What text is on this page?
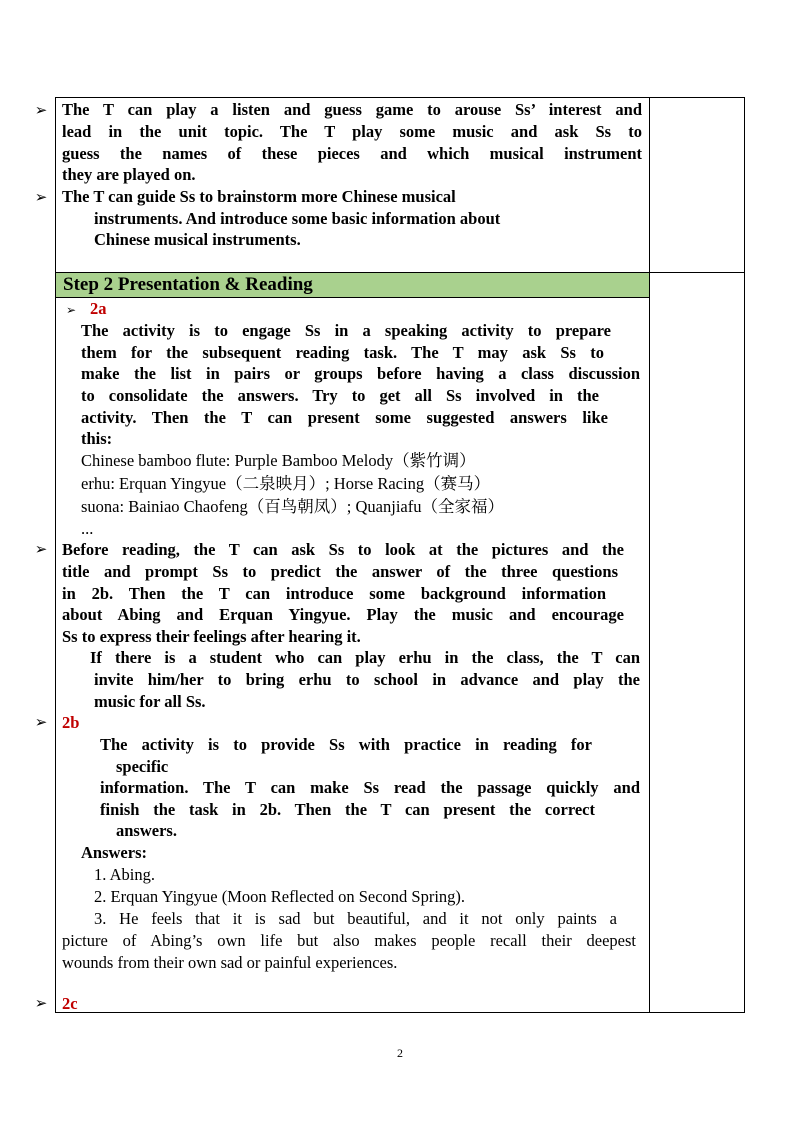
Step 2 Presentation & Reading
➢
➢
➢
➢
➢
The T can play a listen and guess game to arouse Ss’ interest and
lead in the unit topic. The T play some music and ask Ss to
guess the names of these pieces and which musical instrument
they are played on.
The T can guide Ss to brainstorm more Chinese musical
instruments. And introduce some basic information about
Chinese musical instruments.
➢ 2a
The activity is to engage Ss in a speaking activity to prepare
them for the subsequent reading task. The T may ask Ss to
make the list in pairs or groups before having a class discussion
to consolidate the answers. Try to get all Ss involved in the
activity. Then the T can present some suggested answers like
this:
Chinese bamboo flute: Purple Bamboo Melody（紫竹调）
erhu: Erquan Yingyue（二泉映月）; Horse Racing（赛马）
suona: Bainiao Chaofeng（百鸟朝凤）; Quanjiafu（全家福）
...
Before reading, the T can ask Ss to look at the pictures and the
title and prompt Ss to predict the answer of the three questions
in 2b. Then the T can introduce some background information
about Abing and Erquan Yingyue. Play the music and encourage
Ss to express their feelings after hearing it.
If there is a student who can play erhu in the class, the T can
invite him/her to bring erhu to school in advance and play the
music for all Ss.
2b
The activity is to provide Ss with practice in reading for
specific
information. The T can make Ss read the passage quickly and
finish the task in 2b. Then the T can present the correct
answers.
Answers:
1. Abing.
2. Erquan Yingyue (Moon Reflected on Second Spring).
3. He feels that it is sad but beautiful, and it not only paints a
picture of Abing’s own life but also makes people recall their deepest
wounds from their own sad or painful experiences.
2c
2
